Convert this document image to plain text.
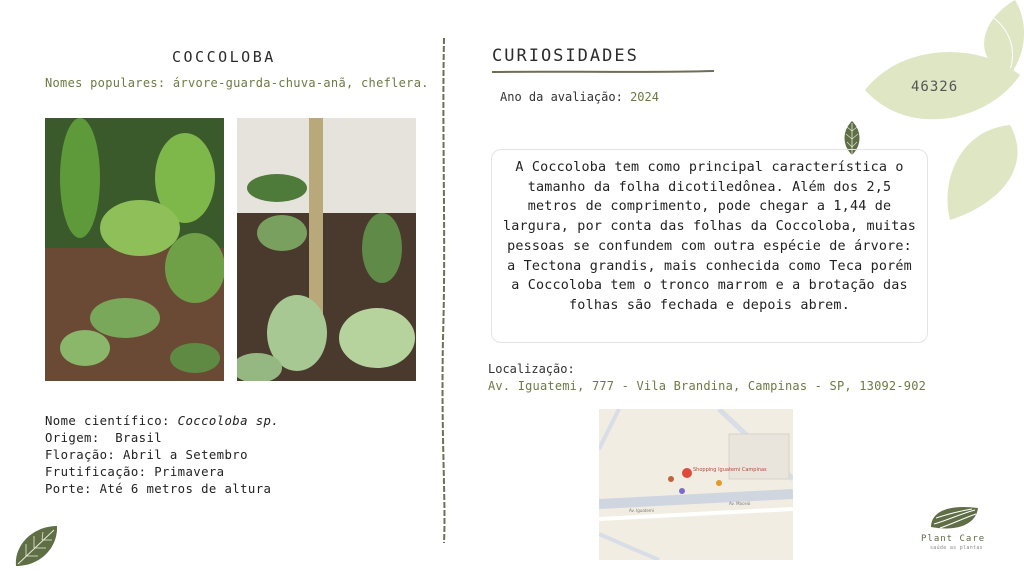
46326
COCCOLOBA
Nomes populares: árvore-guarda-chuva-anã, cheflera.
Nome científico: Coccoloba sp.
Origem:  Brasil
Floração: Abril a Setembro
Frutificação: Primavera
Porte: Até 6 metros de altura
CURIOSIDADES
Ano da avaliação: 2024
A Coccoloba tem como principal característica o tamanho da folha dicotiledônea. Além dos 2,5 metros de comprimento, pode chegar a 1,44 de largura, por conta das folhas da Coccoloba, muitas pessoas se confundem com outra espécie de árvore: a Tectona grandis, mais conhecida como Teca porém a Coccoloba tem o tronco marrom e a brotação das folhas são fechada e depois abrem.
Localização:
Av. Iguatemi, 777 - Vila Brandina, Campinas - SP, 13092-902
Shopping Iguatemi Campinas
Av. Iguatemi
Av. Maceió
Plant Care
saúde as plantas
